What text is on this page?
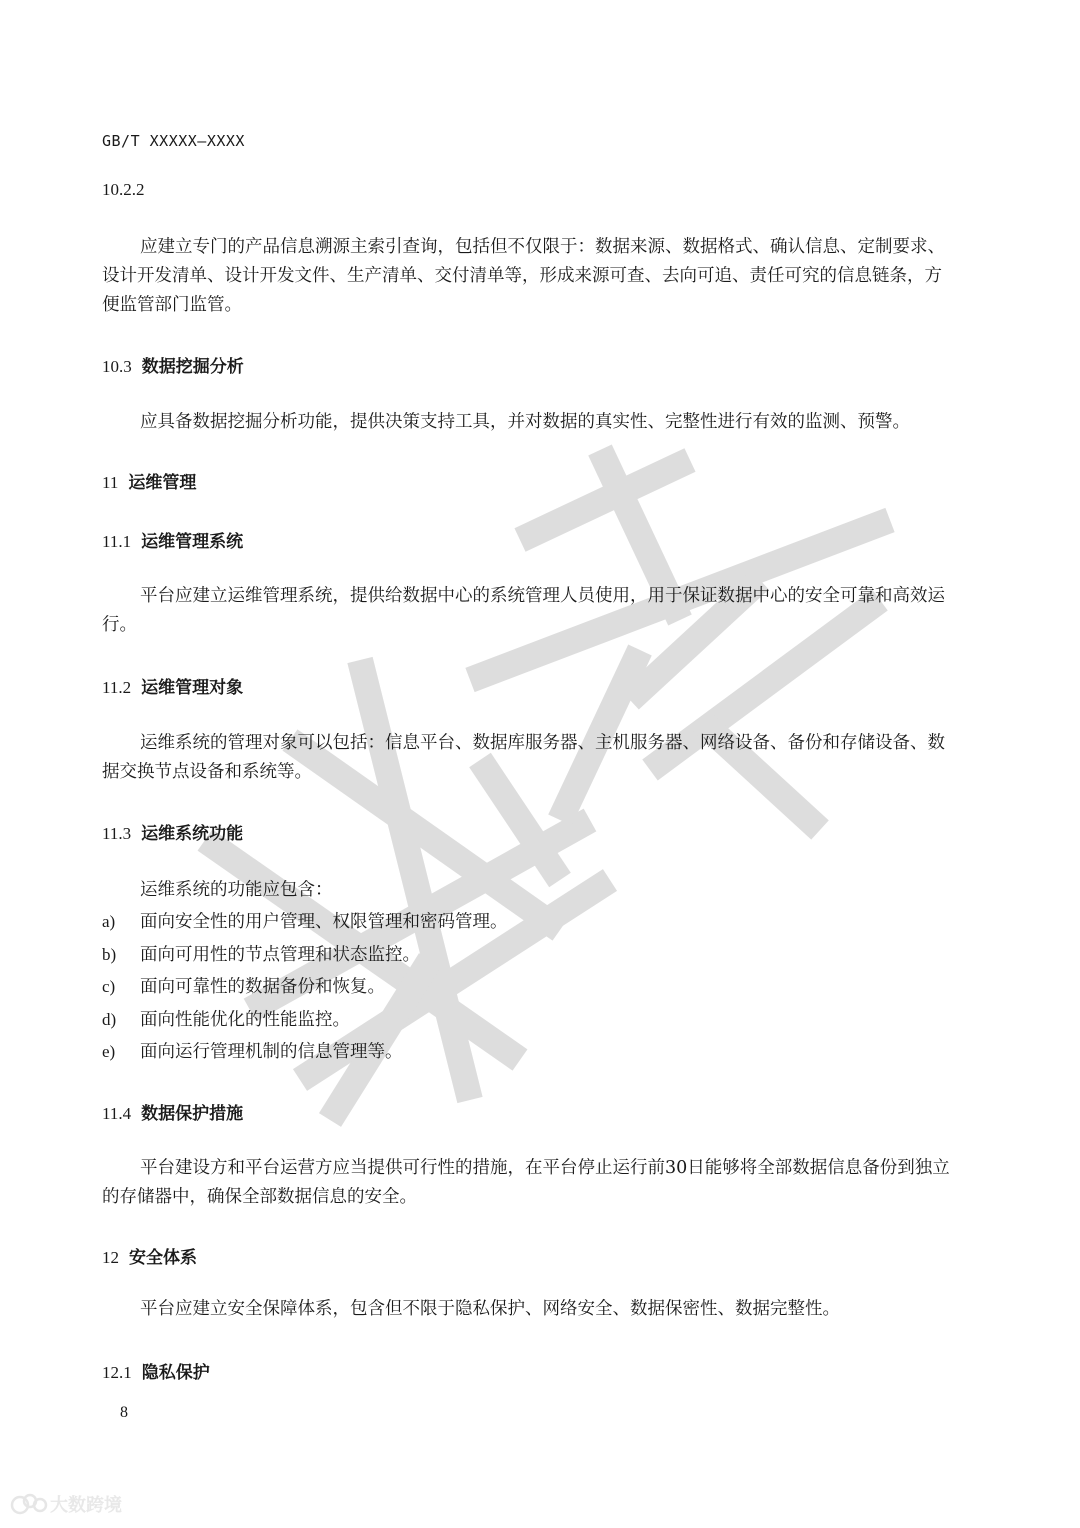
GB/T XXXXX—XXXX
10.2.2
应建立专门的产品信息溯源主索引查询，包括但不仅限于：数据来源、数据格式、确认信息、定制要求、设计开发清单、设计开发文件、生产清单、交付清单等，形成来源可查、去向可追、责任可究的信息链条，方便监管部门监管。
10.3 数据挖掘分析
应具备数据挖掘分析功能，提供决策支持工具，并对数据的真实性、完整性进行有效的监测、预警。
11 运维管理
11.1 运维管理系统
平台应建立运维管理系统，提供给数据中心的系统管理人员使用，用于保证数据中心的安全可靠和高效运行。
11.2 运维管理对象
运维系统的管理对象可以包括：信息平台、数据库服务器、主机服务器、网络设备、备份和存储设备、数据交换节点设备和系统等。
11.3 运维系统功能
运维系统的功能应包含：
a) 面向安全性的用户管理、权限管理和密码管理。
b) 面向可用性的节点管理和状态监控。
c) 面向可靠性的数据备份和恢复。
d) 面向性能优化的性能监控。
e) 面向运行管理机制的信息管理等。
11.4 数据保护措施
平台建设方和平台运营方应当提供可行性的措施，在平台停止运行前30日能够将全部数据信息备份到独立的存储器中，确保全部数据信息的安全。
12 安全体系
平台应建立安全保障体系，包含但不限于隐私保护、网络安全、数据保密性、数据完整性。
12.1 隐私保护
8
大数跨境
